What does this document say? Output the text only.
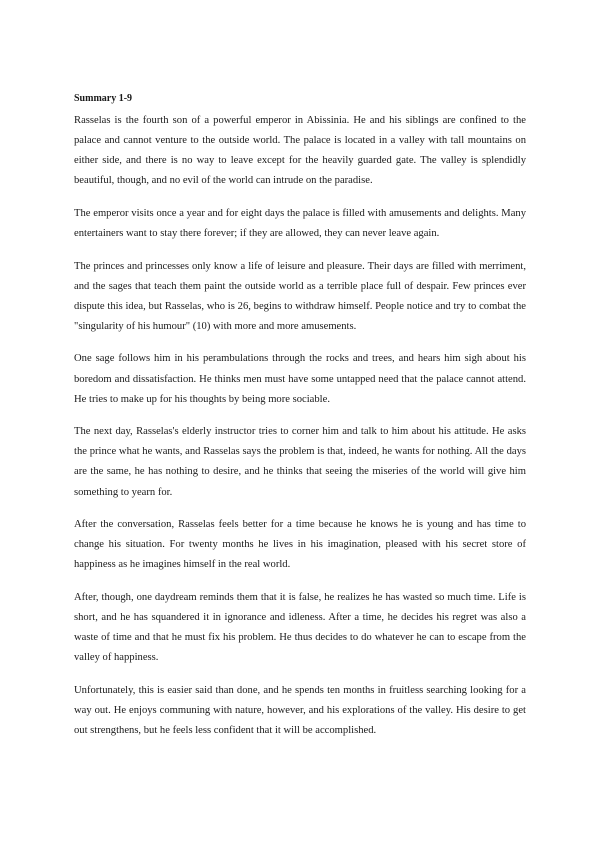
Summary 1-9

Rasselas is the fourth son of a powerful emperor in Abissinia. He and his siblings are confined to the palace and cannot venture to the outside world. The palace is located in a valley with tall mountains on either side, and there is no way to leave except for the heavily guarded gate. The valley is splendidly beautiful, though, and no evil of the world can intrude on the paradise.

The emperor visits once a year and for eight days the palace is filled with amusements and delights. Many entertainers want to stay there forever; if they are allowed, they can never leave again.

The princes and princesses only know a life of leisure and pleasure. Their days are filled with merriment, and the sages that teach them paint the outside world as a terrible place full of despair. Few princes ever dispute this idea, but Rasselas, who is 26, begins to withdraw himself. People notice and try to combat the "singularity of his humour" (10) with more and more amusements.

One sage follows him in his perambulations through the rocks and trees, and hears him sigh about his boredom and dissatisfaction. He thinks men must have some untapped need that the palace cannot attend. He tries to make up for his thoughts by being more sociable.

The next day, Rasselas's elderly instructor tries to corner him and talk to him about his attitude. He asks the prince what he wants, and Rasselas says the problem is that, indeed, he wants for nothing. All the days are the same, he has nothing to desire, and he thinks that seeing the miseries of the world will give him something to yearn for.

After the conversation, Rasselas feels better for a time because he knows he is young and has time to change his situation. For twenty months he lives in his imagination, pleased with his secret store of happiness as he imagines himself in the real world.

After, though, one daydream reminds them that it is false, he realizes he has wasted so much time. Life is short, and he has squandered it in ignorance and idleness. After a time, he decides his regret was also a waste of time and that he must fix his problem. He thus decides to do whatever he can to escape from the valley of happiness.

Unfortunately, this is easier said than done, and he spends ten months in fruitless searching looking for a way out. He enjoys communing with nature, however, and his explorations of the valley. His desire to get out strengthens, but he feels less confident that it will be accomplished.
